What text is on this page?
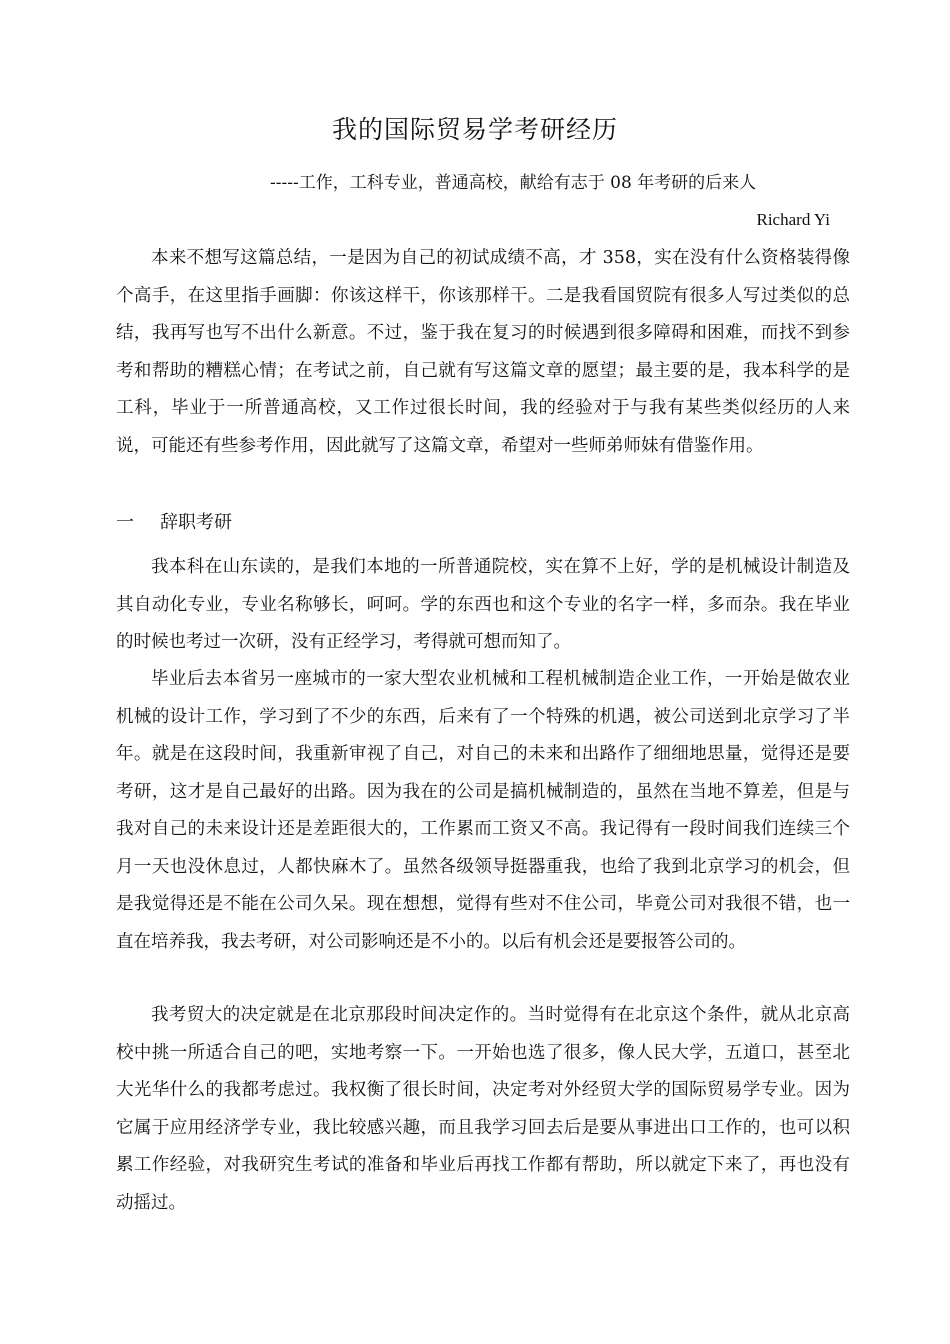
我的国际贸易学考研经历
-----工作，工科专业，普通高校，献给有志于 08 年考研的后来人
Richard Yi

本来不想写这篇总结，一是因为自己的初试成绩不高，才 358，实在没有什么资格装得像个高手，在这里指手画脚：你该这样干，你该那样干。二是我看国贸院有很多人写过类似的总结，我再写也写不出什么新意。不过，鉴于我在复习的时候遇到很多障碍和困难，而找不到参考和帮助的糟糕心情；在考试之前，自己就有写这篇文章的愿望；最主要的是，我本科学的是工科，毕业于一所普通高校，又工作过很长时间，我的经验对于与我有某些类似经历的人来说，可能还有些参考作用，因此就写了这篇文章，希望对一些师弟师妹有借鉴作用。

一 辞职考研

我本科在山东读的，是我们本地的一所普通院校，实在算不上好，学的是机械设计制造及其自动化专业，专业名称够长，呵呵。学的东西也和这个专业的名字一样，多而杂。我在毕业的时候也考过一次研，没有正经学习，考得就可想而知了。

毕业后去本省另一座城市的一家大型农业机械和工程机械制造企业工作，一开始是做农业机械的设计工作，学习到了不少的东西，后来有了一个特殊的机遇，被公司送到北京学习了半年。就是在这段时间，我重新审视了自己，对自己的未来和出路作了细细地思量，觉得还是要考研，这才是自己最好的出路。因为我在的公司是搞机械制造的，虽然在当地不算差，但是与我对自己的未来设计还是差距很大的，工作累而工资又不高。我记得有一段时间我们连续三个月一天也没休息过，人都快麻木了。虽然各级领导挺器重我，也给了我到北京学习的机会，但是我觉得还是不能在公司久呆。现在想想，觉得有些对不住公司，毕竟公司对我很不错，也一直在培养我，我去考研，对公司影响还是不小的。以后有机会还是要报答公司的。

我考贸大的决定就是在北京那段时间决定作的。当时觉得有在北京这个条件，就从北京高校中挑一所适合自己的吧，实地考察一下。一开始也选了很多，像人民大学，五道口，甚至北大光华什么的我都考虑过。我权衡了很长时间，决定考对外经贸大学的国际贸易学专业。因为它属于应用经济学专业，我比较感兴趣，而且我学习回去后是要从事进出口工作的，也可以积累工作经验，对我研究生考试的准备和毕业后再找工作都有帮助，所以就定下来了，再也没有动摇过。
